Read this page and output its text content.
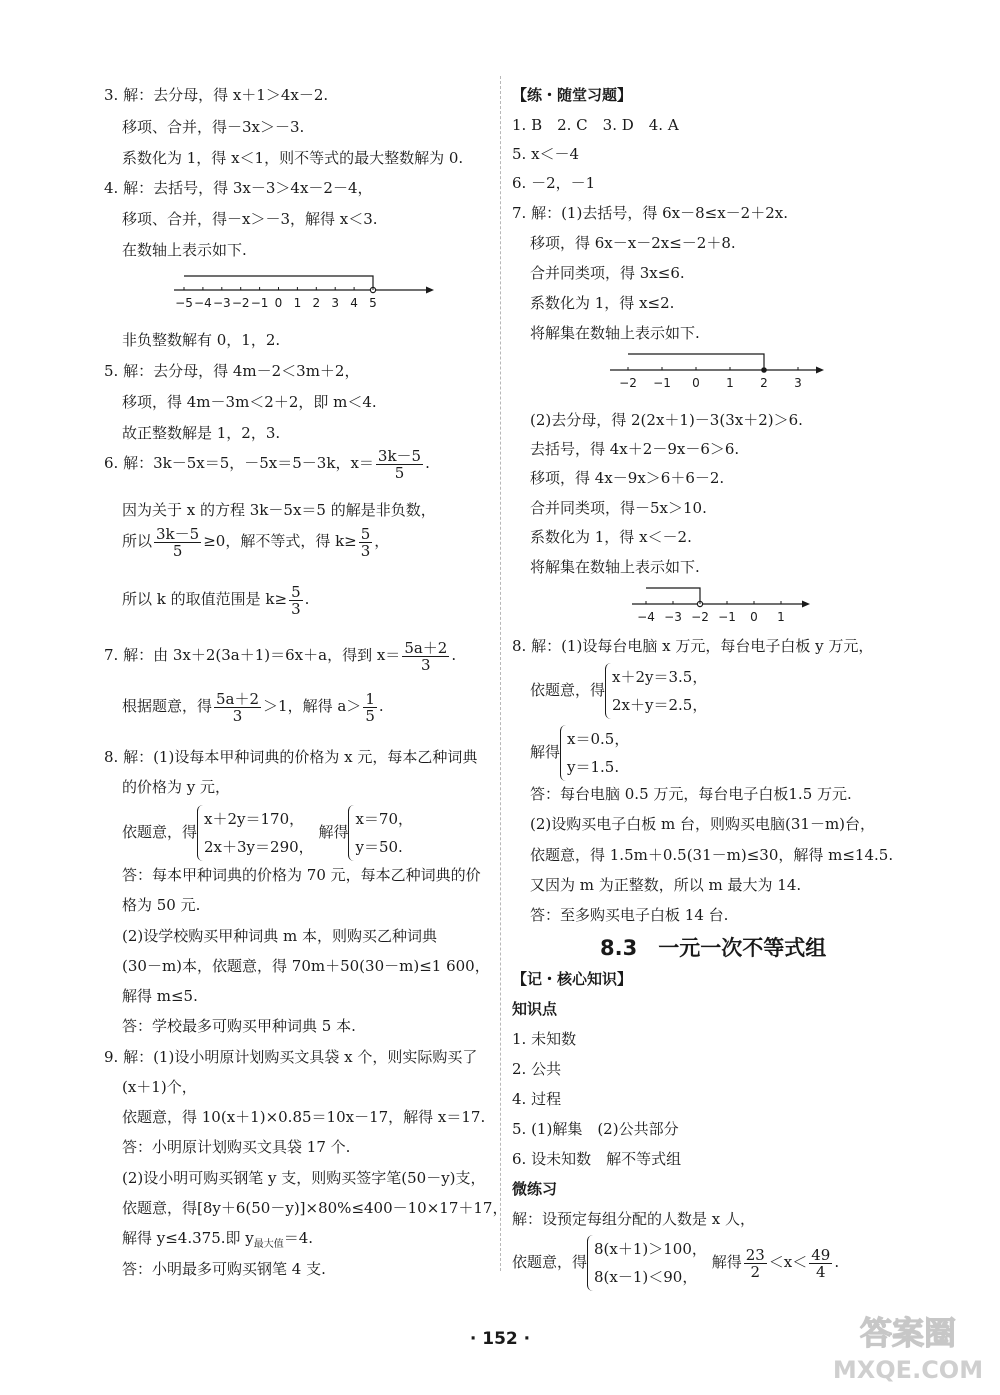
3. 解：去分母，得 x＋1＞4x－2.
移项、合并，得－3x＞－3.
系数化为 1，得 x＜1，则不等式的最大整数解为 0.
4. 解：去括号，得 3x－3＞4x－2－4，
移项、合并，得－x＞－3，解得 x＜3.
在数轴上表示如下.
−5 −4 −3 −2 −1 0 1 2 3 4 5
非负整数解有 0，1，2.
5. 解：去分母，得 4m－2＜3m＋2，
移项，得 4m－3m＜2＋2，即 m＜4.
故正整数解是 1，2，3.
6. 解：3k－5x＝5，－5x＝5－3k，$x= \frac{3k-5}{5}$ .
因为关于 x 的方程 3k－5x＝5 的解是非负数，
所以 $\frac{3k-5}{5} \ge 0$，解不等式，得 $k\ge \frac{5}{3}$ ，
所以 k 的取值范围是 $k\ge \frac{5}{3}$ .
7. 解：由 3x＋2(3a＋1)＝6x＋a，得到 $x= \frac{5a+2}{3}$ .
根据题意，得 $\frac{5a+2}{3} >1$，解得 $a> \frac{1}{5}$ .
8. 解：(1)设每本甲种词典的价格为 x 元，每本乙种词典
的价格为 y 元，
依题意，得
x＋2y＝170，
2x＋3y＝290，
解得
x＝70，
y＝50.
答：每本甲种词典的价格为 70 元，每本乙种词典的价
格为 50 元.
(2)设学校购买甲种词典 m 本，则购买乙种词典
(30－m)本，依题意，得 70m＋50(30－m)≤1 600，
解得 m≤5.
答：学校最多可购买甲种词典 5 本.
9. 解：(1)设小明原计划购买文具袋 x 个，则实际购买了
(x＋1)个，
依题意，得 10(x＋1)×0.85＝10x－17，解得 x＝17.
答：小明原计划购买文具袋 17 个.
(2)设小明可购买钢笔 y 支，则购买签字笔(50－y)支，
依题意，得[8y＋6(50－y)]×80%≤400－10×17＋17，
解得 y≤4.375.即 $y_{最大值}=4$.
答：小明最多可购买钢笔 4 支.
【练・随堂习题】
1. B　2. C　3. D　4. A
5. x＜－4
6. －2，－1
7. 解：(1)去括号，得 6x－8≤x－2＋2x.
移项，得 6x－x－2x≤－2＋8.
合并同类项，得 3x≤6.
系数化为 1，得 x≤2.
将解集在数轴上表示如下.
−2 −1 0 1 2 3
(2)去分母，得 2(2x＋1)－3(3x＋2)＞6.
去括号，得 4x＋2－9x－6＞6.
移项，得 4x－9x＞6＋6－2.
合并同类项，得－5x＞10.
系数化为 1，得 x＜－2.
将解集在数轴上表示如下.
−4 −3 −2 −1 0 1
8. 解：(1)设每台电脑 x 万元，每台电子白板 y 万元，
依题意，得
x＋2y＝3.5，
2x＋y＝2.5，
解得
x＝0.5，
y＝1.5.
答：每台电脑 0.5 万元，每台电子白板1.5 万元.
(2)设购买电子白板 m 台，则购买电脑(31－m)台，
依题意，得 1.5m＋0.5(31－m)≤30，解得 m≤14.5.
又因为 m 为正整数，所以 m 最大为 14.
答：至多购买电子白板 14 台.
8.3　一元一次不等式组
【记・核心知识】
知识点
1. 未知数
2. 公共
4. 过程
5. (1)解集　(2)公共部分
6. 设未知数　解不等式组
微练习
解：设预定每组分配的人数是 x 人，
依题意，得
8(x＋1)＞100，
8(x－1)＜90，
解得 $\frac{23}{2} <x< \frac{49}{4}$ .
· 152 ·	答案圈
MXQE.COM
